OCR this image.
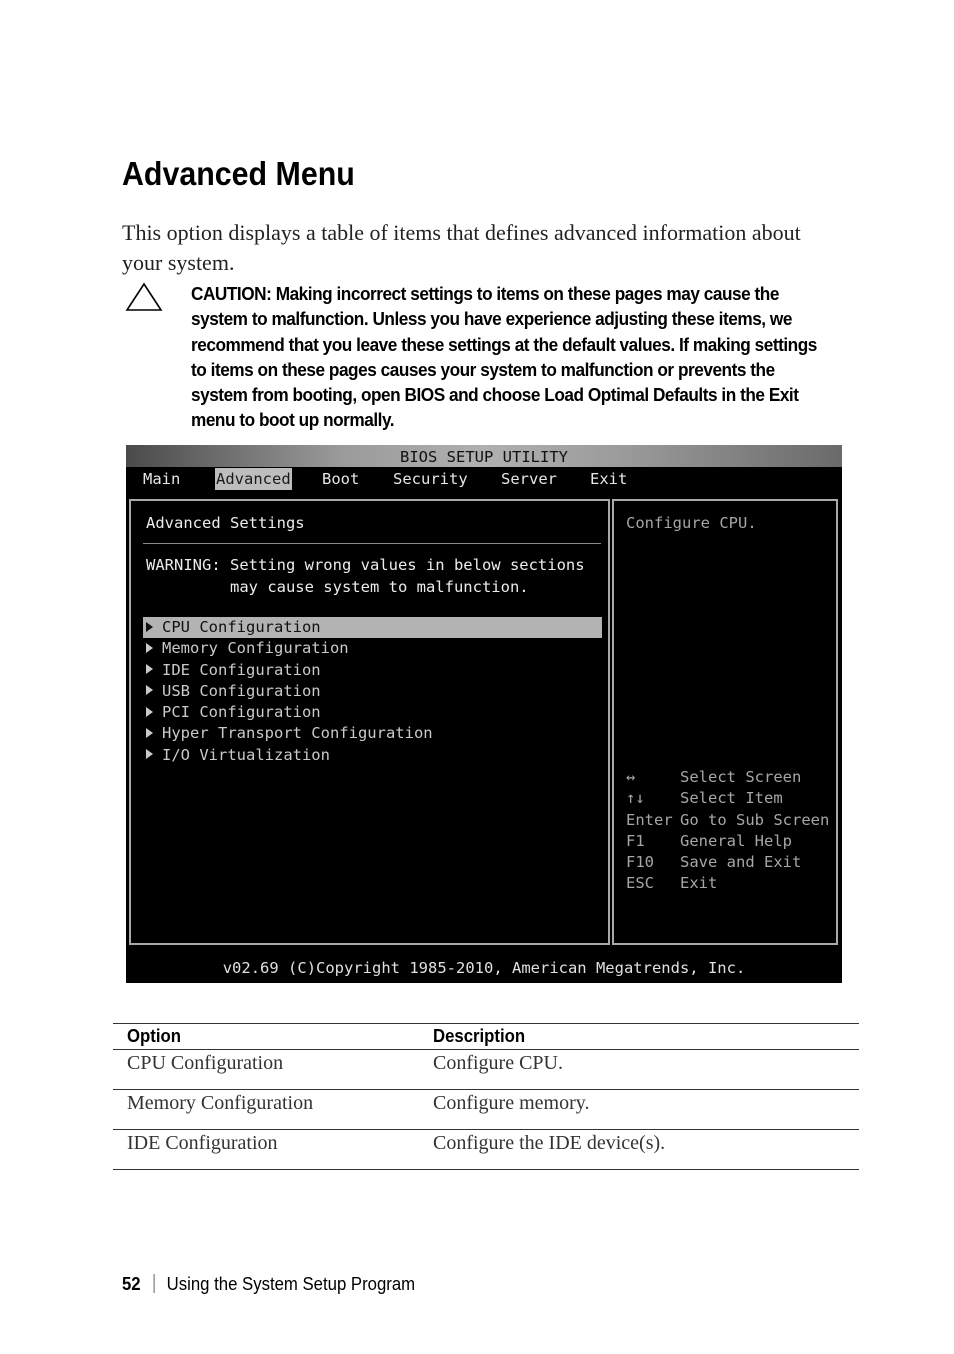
Advanced Menu

This option displays a table of items that defines advanced information about your system.

CAUTION: Making incorrect settings to items on these pages may cause the system to malfunction. Unless you have experience adjusting these items, we recommend that you leave these settings at the default values. If making settings to items on these pages causes your system to malfunction or prevents the system from booting, open BIOS and choose Load Optimal Defaults in the Exit menu to boot up normally.

BIOS SETUP UTILITY
Main Advanced Boot Security Server Exit
Advanced Settings
WARNING: Setting wrong values in below sections
may cause system to malfunction.
CPU Configuration
Memory Configuration
IDE Configuration
USB Configuration
PCI Configuration
Hyper Transport Configuration
I/O Virtualization
Configure CPU.
↔	Select Screen
↑↓ Select Item
Enter Go to Sub Screen
F1 General Help
F10 Save and Exit
ESC Exit
v02.69 (C)Copyright 1985-2010, American Megatrends, Inc.
Option	Description
CPU Configuration	Configure CPU.
Memory Configuration	Configure memory.
IDE Configuration	Configure the IDE device(s).
52 Using the System Setup Program
